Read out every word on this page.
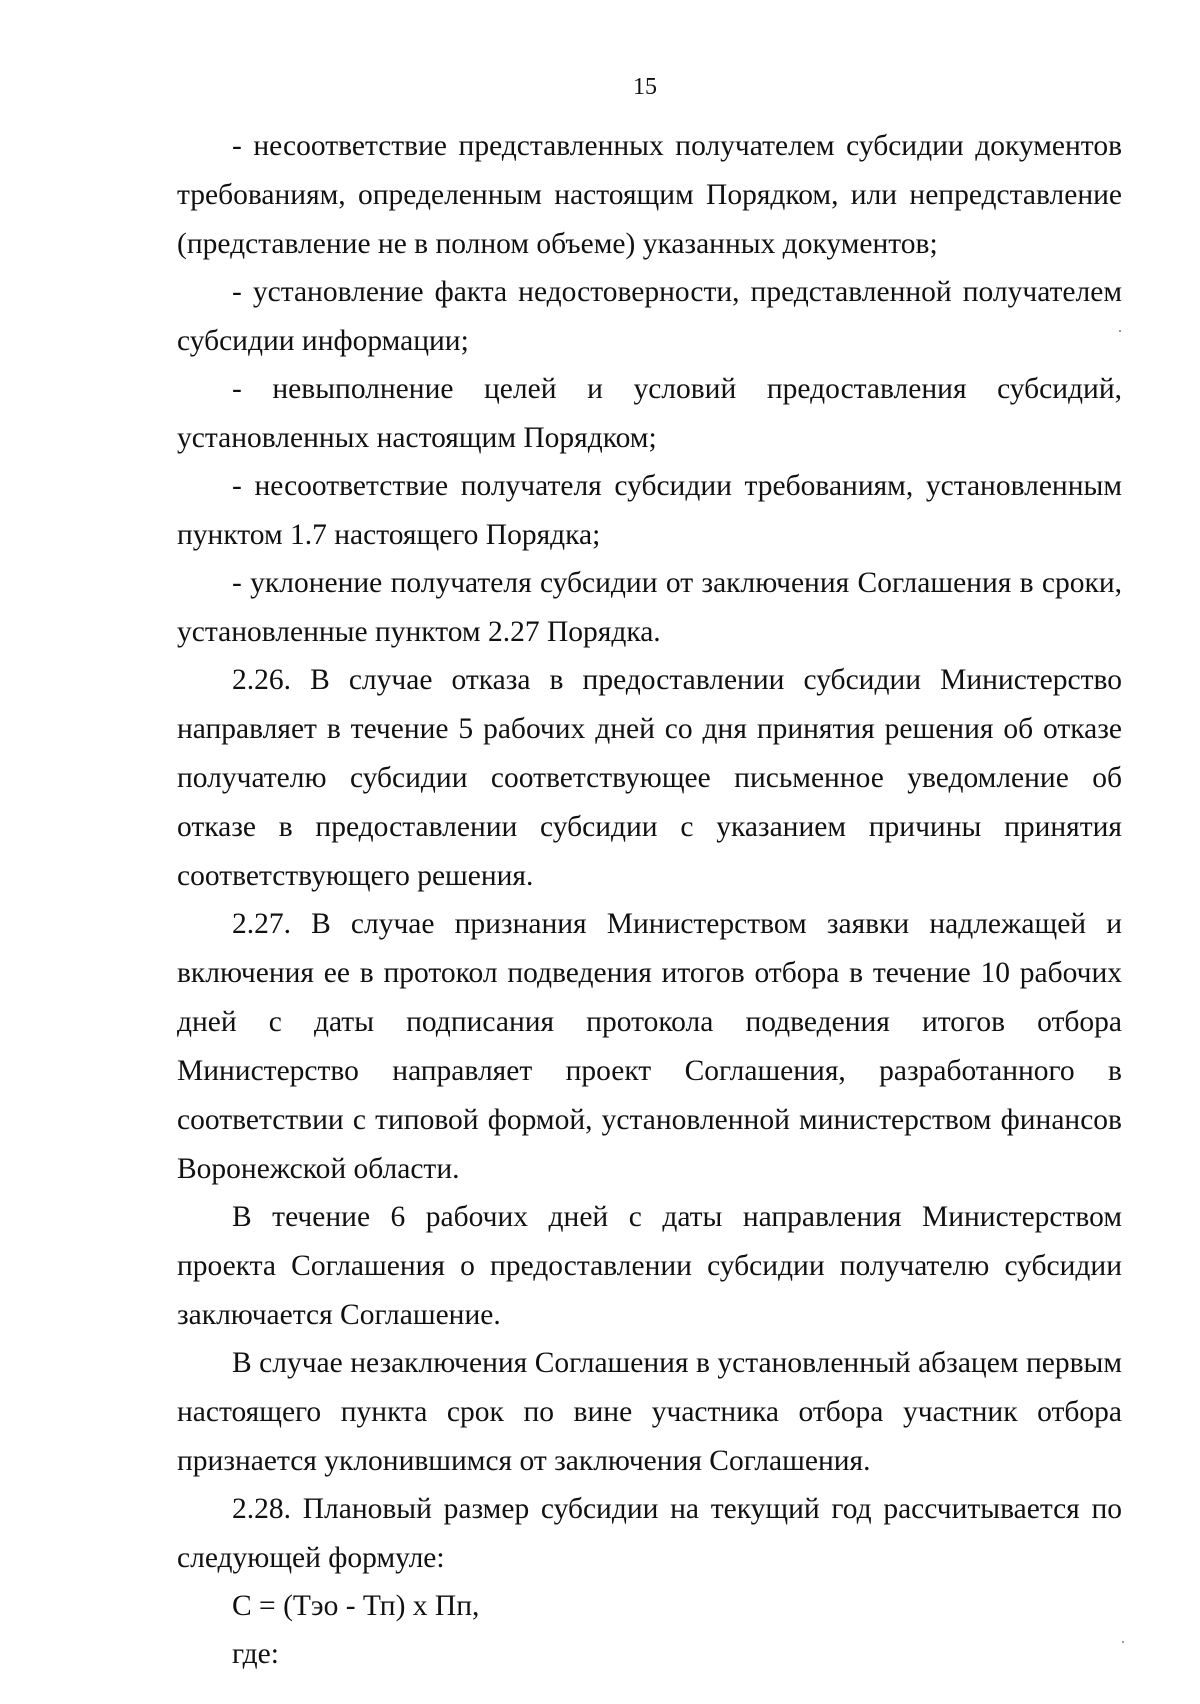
15

- несоответствие представленных получателем субсидии документов требованиям, определенным настоящим Порядком, или непредставление (представление не в полном объеме) указанных документов;

- установление факта недостоверности, представленной получателем субсидии информации;

- невыполнение целей и условий предоставления субсидий, установленных настоящим Порядком;

- несоответствие получателя субсидии требованиям, установленным пунктом 1.7 настоящего Порядка;

- уклонение получателя субсидии от заключения Соглашения в сроки, установленные пунктом 2.27 Порядка.

2.26. В случае отказа в предоставлении субсидии Министерство направляет в течение 5 рабочих дней со дня принятия решения об отказе получателю субсидии соответствующее письменное уведомление об отказе в предоставлении субсидии с указанием причины принятия соответствующего решения.

2.27. В случае признания Министерством заявки надлежащей и включения ее в протокол подведения итогов отбора в течение 10 рабочих дней с даты подписания протокола подведения итогов отбора Министерство направляет проект Соглашения, разработанного в соответствии с типовой формой, установленной министерством финансов Воронежской области.

В течение 6 рабочих дней с даты направления Министерством проекта Соглашения о предоставлении субсидии получателю субсидии заключается Соглашение.

В случае незаключения Соглашения в установленный абзацем первым настоящего пункта срок по вине участника отбора участник отбора признается уклонившимся от заключения Соглашения.

2.28. Плановый размер субсидии на текущий год рассчитывается по следующей формуле:

С = (Тэо - Тп) х Пп,

где:
